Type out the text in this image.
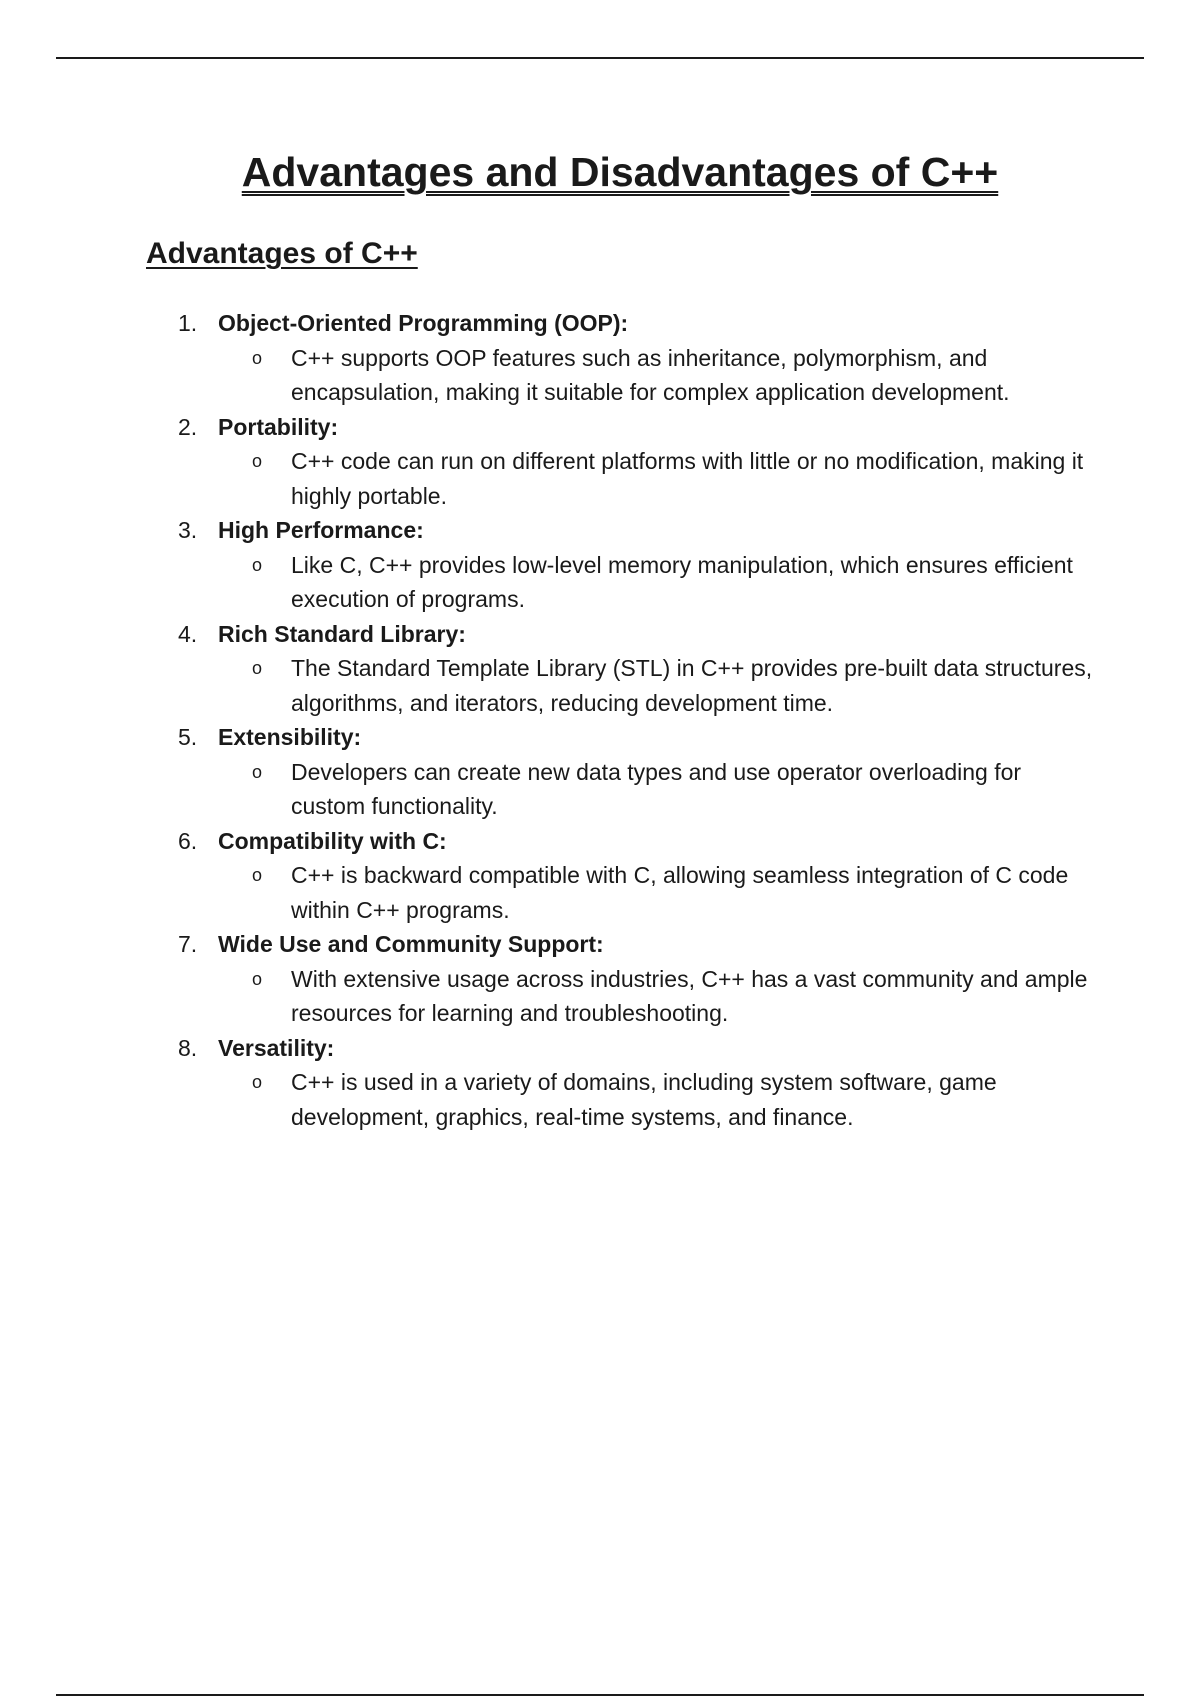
Advantages and Disadvantages of C++
Advantages of C++
1. Object-Oriented Programming (OOP):
o C++ supports OOP features such as inheritance, polymorphism, and encapsulation, making it suitable for complex application development.
2. Portability:
o C++ code can run on different platforms with little or no modification, making it highly portable.
3. High Performance:
o Like C, C++ provides low-level memory manipulation, which ensures efficient execution of programs.
4. Rich Standard Library:
o The Standard Template Library (STL) in C++ provides pre-built data structures, algorithms, and iterators, reducing development time.
5. Extensibility:
o Developers can create new data types and use operator overloading for custom functionality.
6. Compatibility with C:
o C++ is backward compatible with C, allowing seamless integration of C code within C++ programs.
7. Wide Use and Community Support:
o With extensive usage across industries, C++ has a vast community and ample resources for learning and troubleshooting.
8. Versatility:
o C++ is used in a variety of domains, including system software, game development, graphics, real-time systems, and finance.
